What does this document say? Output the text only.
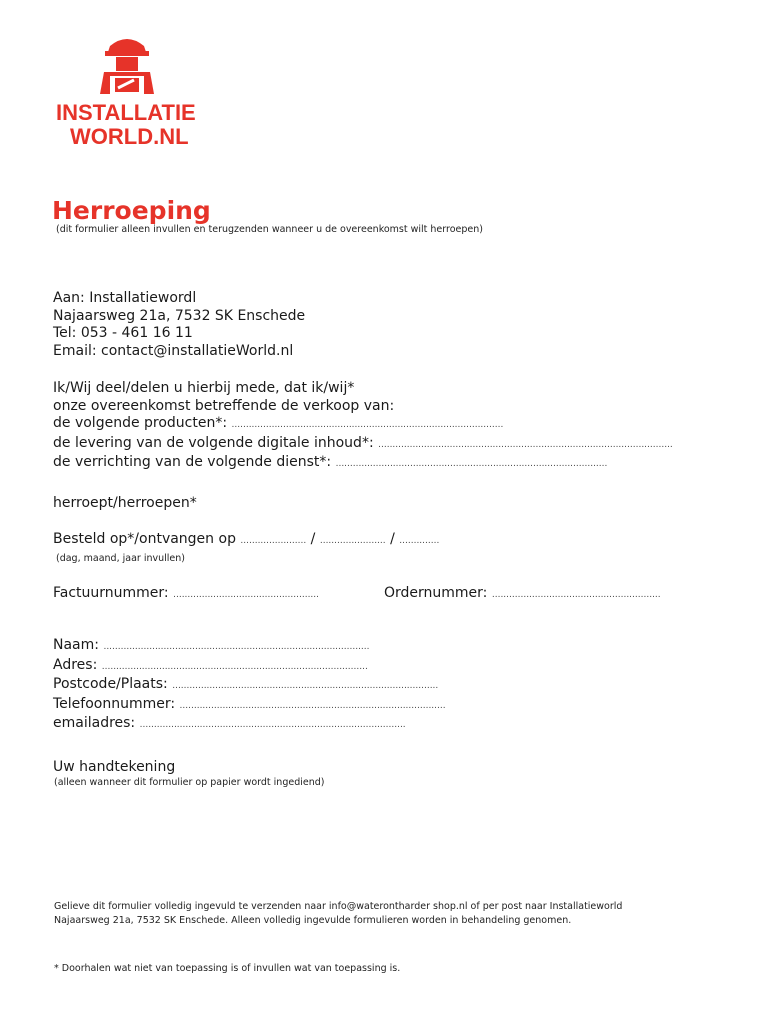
INSTALLATIE
WORLD.NL
Herroeping
(dit formulier alleen invullen en terugzenden wanneer u de overeenkomst wilt herroepen)
Aan: Installatiewordl
Najaarsweg 21a, 7532 SK Enschede
Tel: 053 - 461 16 11
Email: contact@installatieWorld.nl
Ik/Wij deel/delen u hierbij mede, dat ik/wij*
onze overeenkomst betreffende de verkoop van:
de volgende producten*: ...............................................................................................
de levering van de volgende digitale inhoud*: .......................................................................................................
de verrichting van de volgende dienst*: ...............................................................................................
herroept/herroepen*
Besteld op*/ontvangen op ....................... / ....................... / ..............
(dag, maand, jaar invullen)
Factuurnummer: ...................................................	Ordernummer: ...........................................................
Naam: .............................................................................................
Adres: .............................................................................................
Postcode/Plaats: .............................................................................................
Telefoonnummer: .............................................................................................
emailadres: .............................................................................................
Uw handtekening
(alleen wanneer dit formulier op papier wordt ingediend)
Gelieve dit formulier volledig ingevuld te verzenden naar info@waterontharder shop.nl of per post naar Installatieworld
Najaarsweg 21a, 7532 SK Enschede. Alleen volledig ingevulde formulieren worden in behandeling genomen.
* Doorhalen wat niet van toepassing is of invullen wat van toepassing is.
